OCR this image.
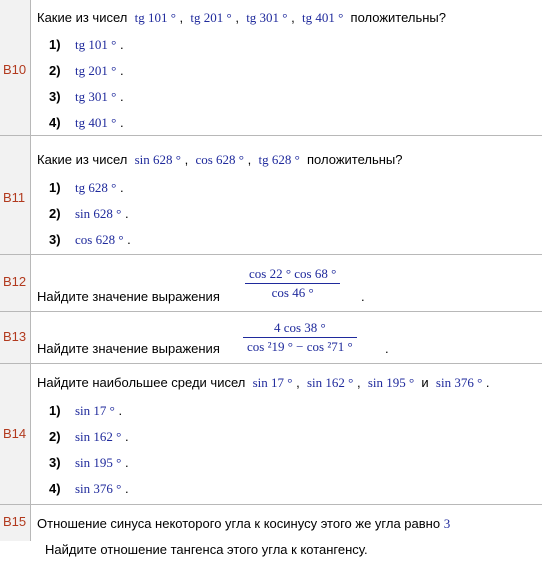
B10
Какие из чисел tg 101 ° , tg 201 ° , tg 301 ° , tg 401 ° положительны?
1) tg 101 ° .
2) tg 201 ° .
3) tg 301 ° .
4) tg 401 ° .
B11
Какие из чисел sin 628 ° , cos 628 ° , tg 628 ° положительны?
1) tg 628 ° .
2) sin 628 ° .
3) cos 628 ° .
B12
Найдите значение выражения $\frac{\cos 22 ^\circ \cos 68 ^\circ}{\cos 46 ^\circ}$ .
B13
Найдите значение выражения $\frac{4 \cos 38 ^\circ}{\text{cos ²19 ° − cos ²71 °}}$ .
B14
Найдите наибольшее среди чисел sin 17 ° , sin 162 ° , sin 195 ° и sin 376 ° .
1) sin 17 ° .
2) sin 162 ° .
3) sin 195 ° .
4) sin 376 ° .
B15 Отношение синуса некоторого угла к косинусу этого же угла равно 3
Найдите отношение тангенса этого угла к котангенсу.
